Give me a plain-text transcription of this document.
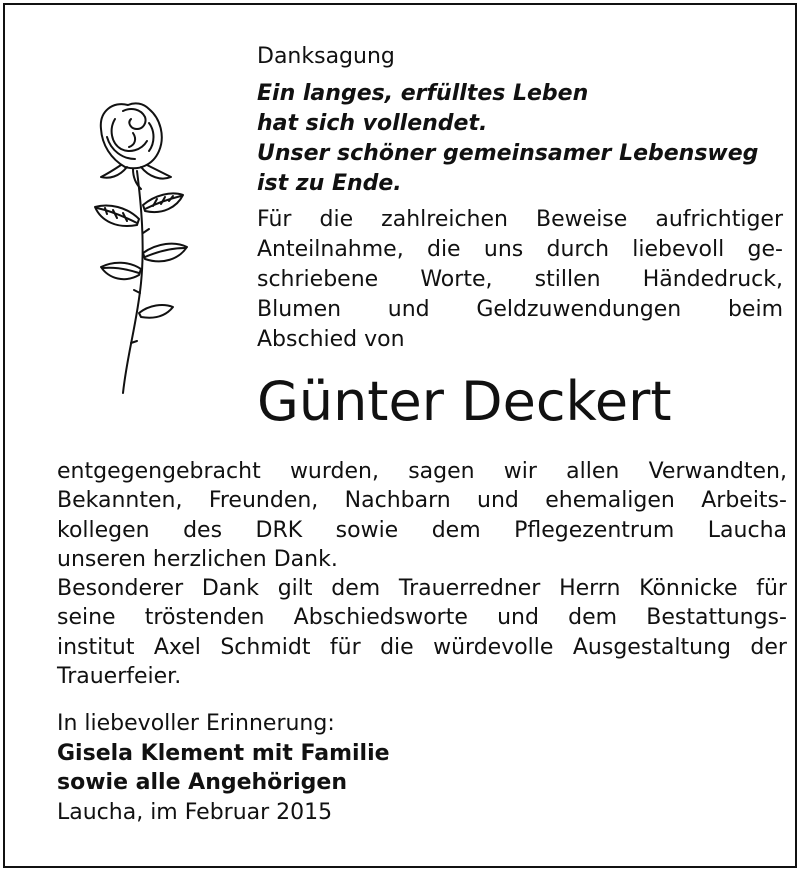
Danksagung
Ein langes, erfülltes Leben
hat sich vollendet.
Unser schöner gemeinsamer Lebensweg
ist zu Ende.
Für die zahlreichen Beweise aufrichtiger
Anteilnahme, die uns durch liebevoll ge-
schriebene Worte, stillen Händedruck,
Blumen und Geldzuwendungen beim
Abschied von
Günter Deckert
entgegengebracht wurden, sagen wir allen Verwandten,
Bekannten, Freunden, Nachbarn und ehemaligen Arbeits-
kollegen des DRK sowie dem Pflegezentrum Laucha
unseren herzlichen Dank.
Besonderer Dank gilt dem Trauerredner Herrn Könnicke für
seine tröstenden Abschiedsworte und dem Bestattungs-
institut Axel Schmidt für die würdevolle Ausgestaltung der
Trauerfeier.
In liebevoller Erinnerung:
Gisela Klement mit Familie
sowie alle Angehörigen
Laucha, im Februar 2015
